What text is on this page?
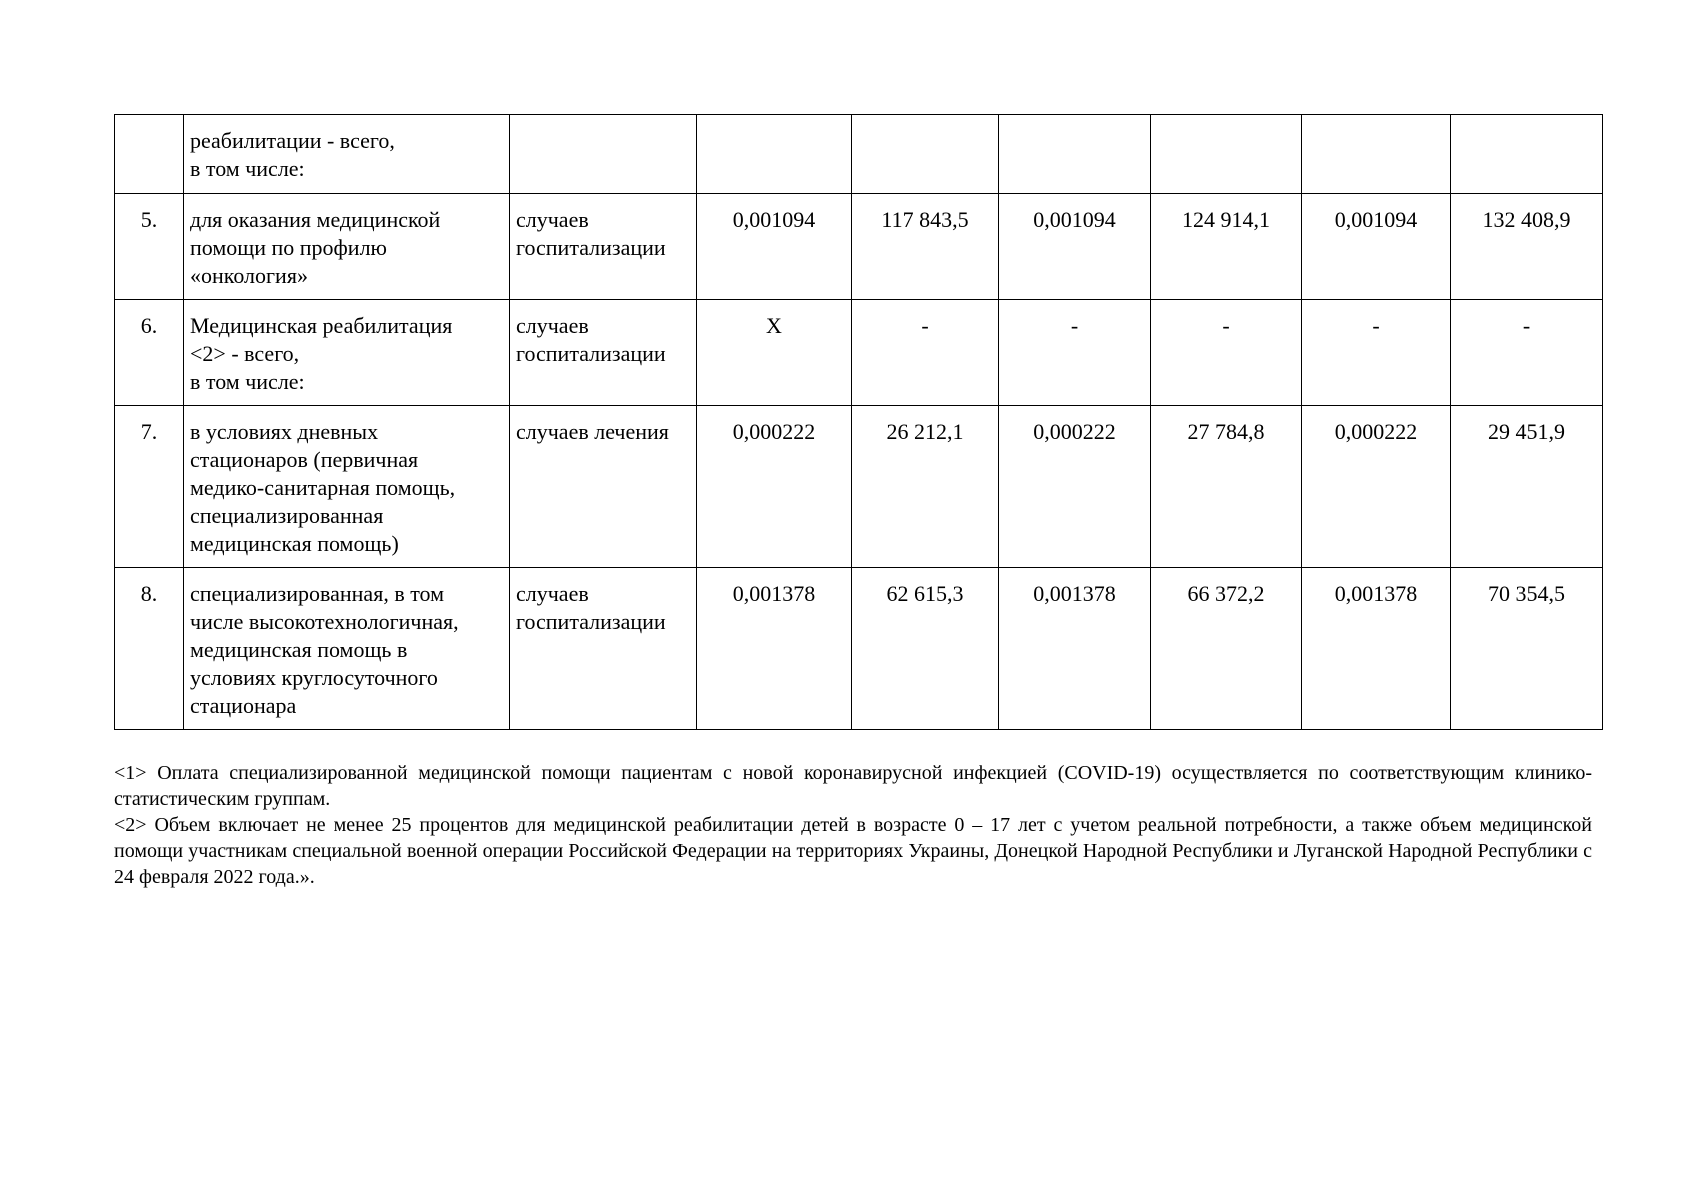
	реабилитации - всего,
в том числе:							
5.	для оказания медицинской
помощи по профилю
«онкология»	случаев
госпитализации	0,001094	117 843,5	0,001094	124 914,1	0,001094	132 408,9
6.	Медицинская реабилитация
<2> - всего,
в том числе:	случаев
госпитализации	X	-	-	-	-	-
7.	в условиях дневных
стационаров (первичная
медико-санитарная помощь,
специализированная
медицинская помощь)	случаев лечения	0,000222	26 212,1	0,000222	27 784,8	0,000222	29 451,9
8.	специализированная, в том
числе высокотехнологичная,
медицинская помощь в
условиях круглосуточного
стационара	случаев
госпитализации	0,001378	62 615,3	0,001378	66 372,2	0,001378	70 354,5

<1> Оплата специализированной медицинской помощи пациентам с новой коронавирусной инфекцией (COVID-19) осуществляется по соответствующим клинико-статистическим группам.

<2> Объем включает не менее 25 процентов для медицинской реабилитации детей в возрасте 0 – 17 лет с учетом реальной потребности, а также объем медицинской помощи участникам специальной военной операции Российской Федерации на территориях Украины, Донецкой Народной Республики и Луганской Народной Республики с 24 февраля 2022 года.».
